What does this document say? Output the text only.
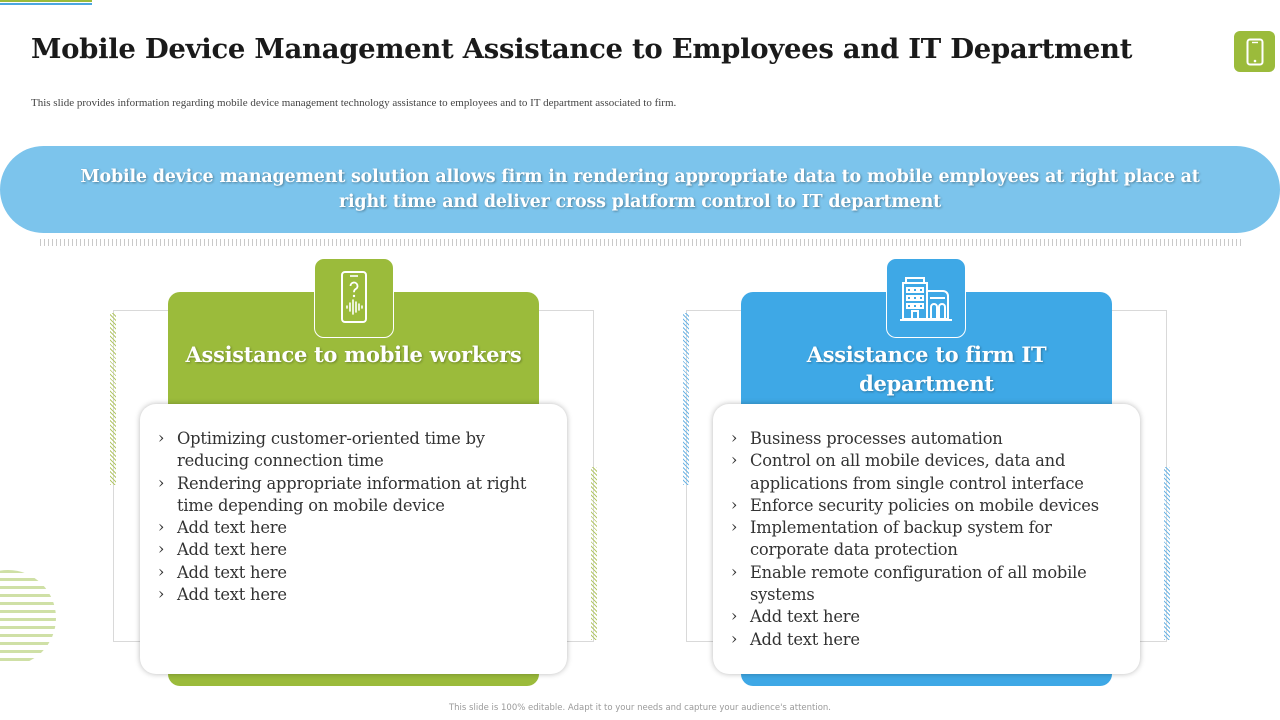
Mobile Device Management Assistance to Employees and IT Department

This slide provides information regarding mobile device management technology assistance to employees and to IT department associated to firm.

Mobile device management solution allows firm in rendering appropriate data to mobile employees at right place at right time and deliver cross platform control to IT department

Assistance to mobile workers
› Optimizing customer-oriented time by reducing connection time
› Rendering appropriate information at right time depending on mobile device
› Add text here
› Add text here
› Add text here
› Add text here
Assistance to firm IT department
› Business processes automation
› Control on all mobile devices, data and applications from single control interface
› Enforce security policies on mobile devices
› Implementation of backup system for corporate data protection
› Enable remote configuration of all mobile systems
› Add text here
› Add text here

This slide is 100% editable. Adapt it to your needs and capture your audience's attention.
